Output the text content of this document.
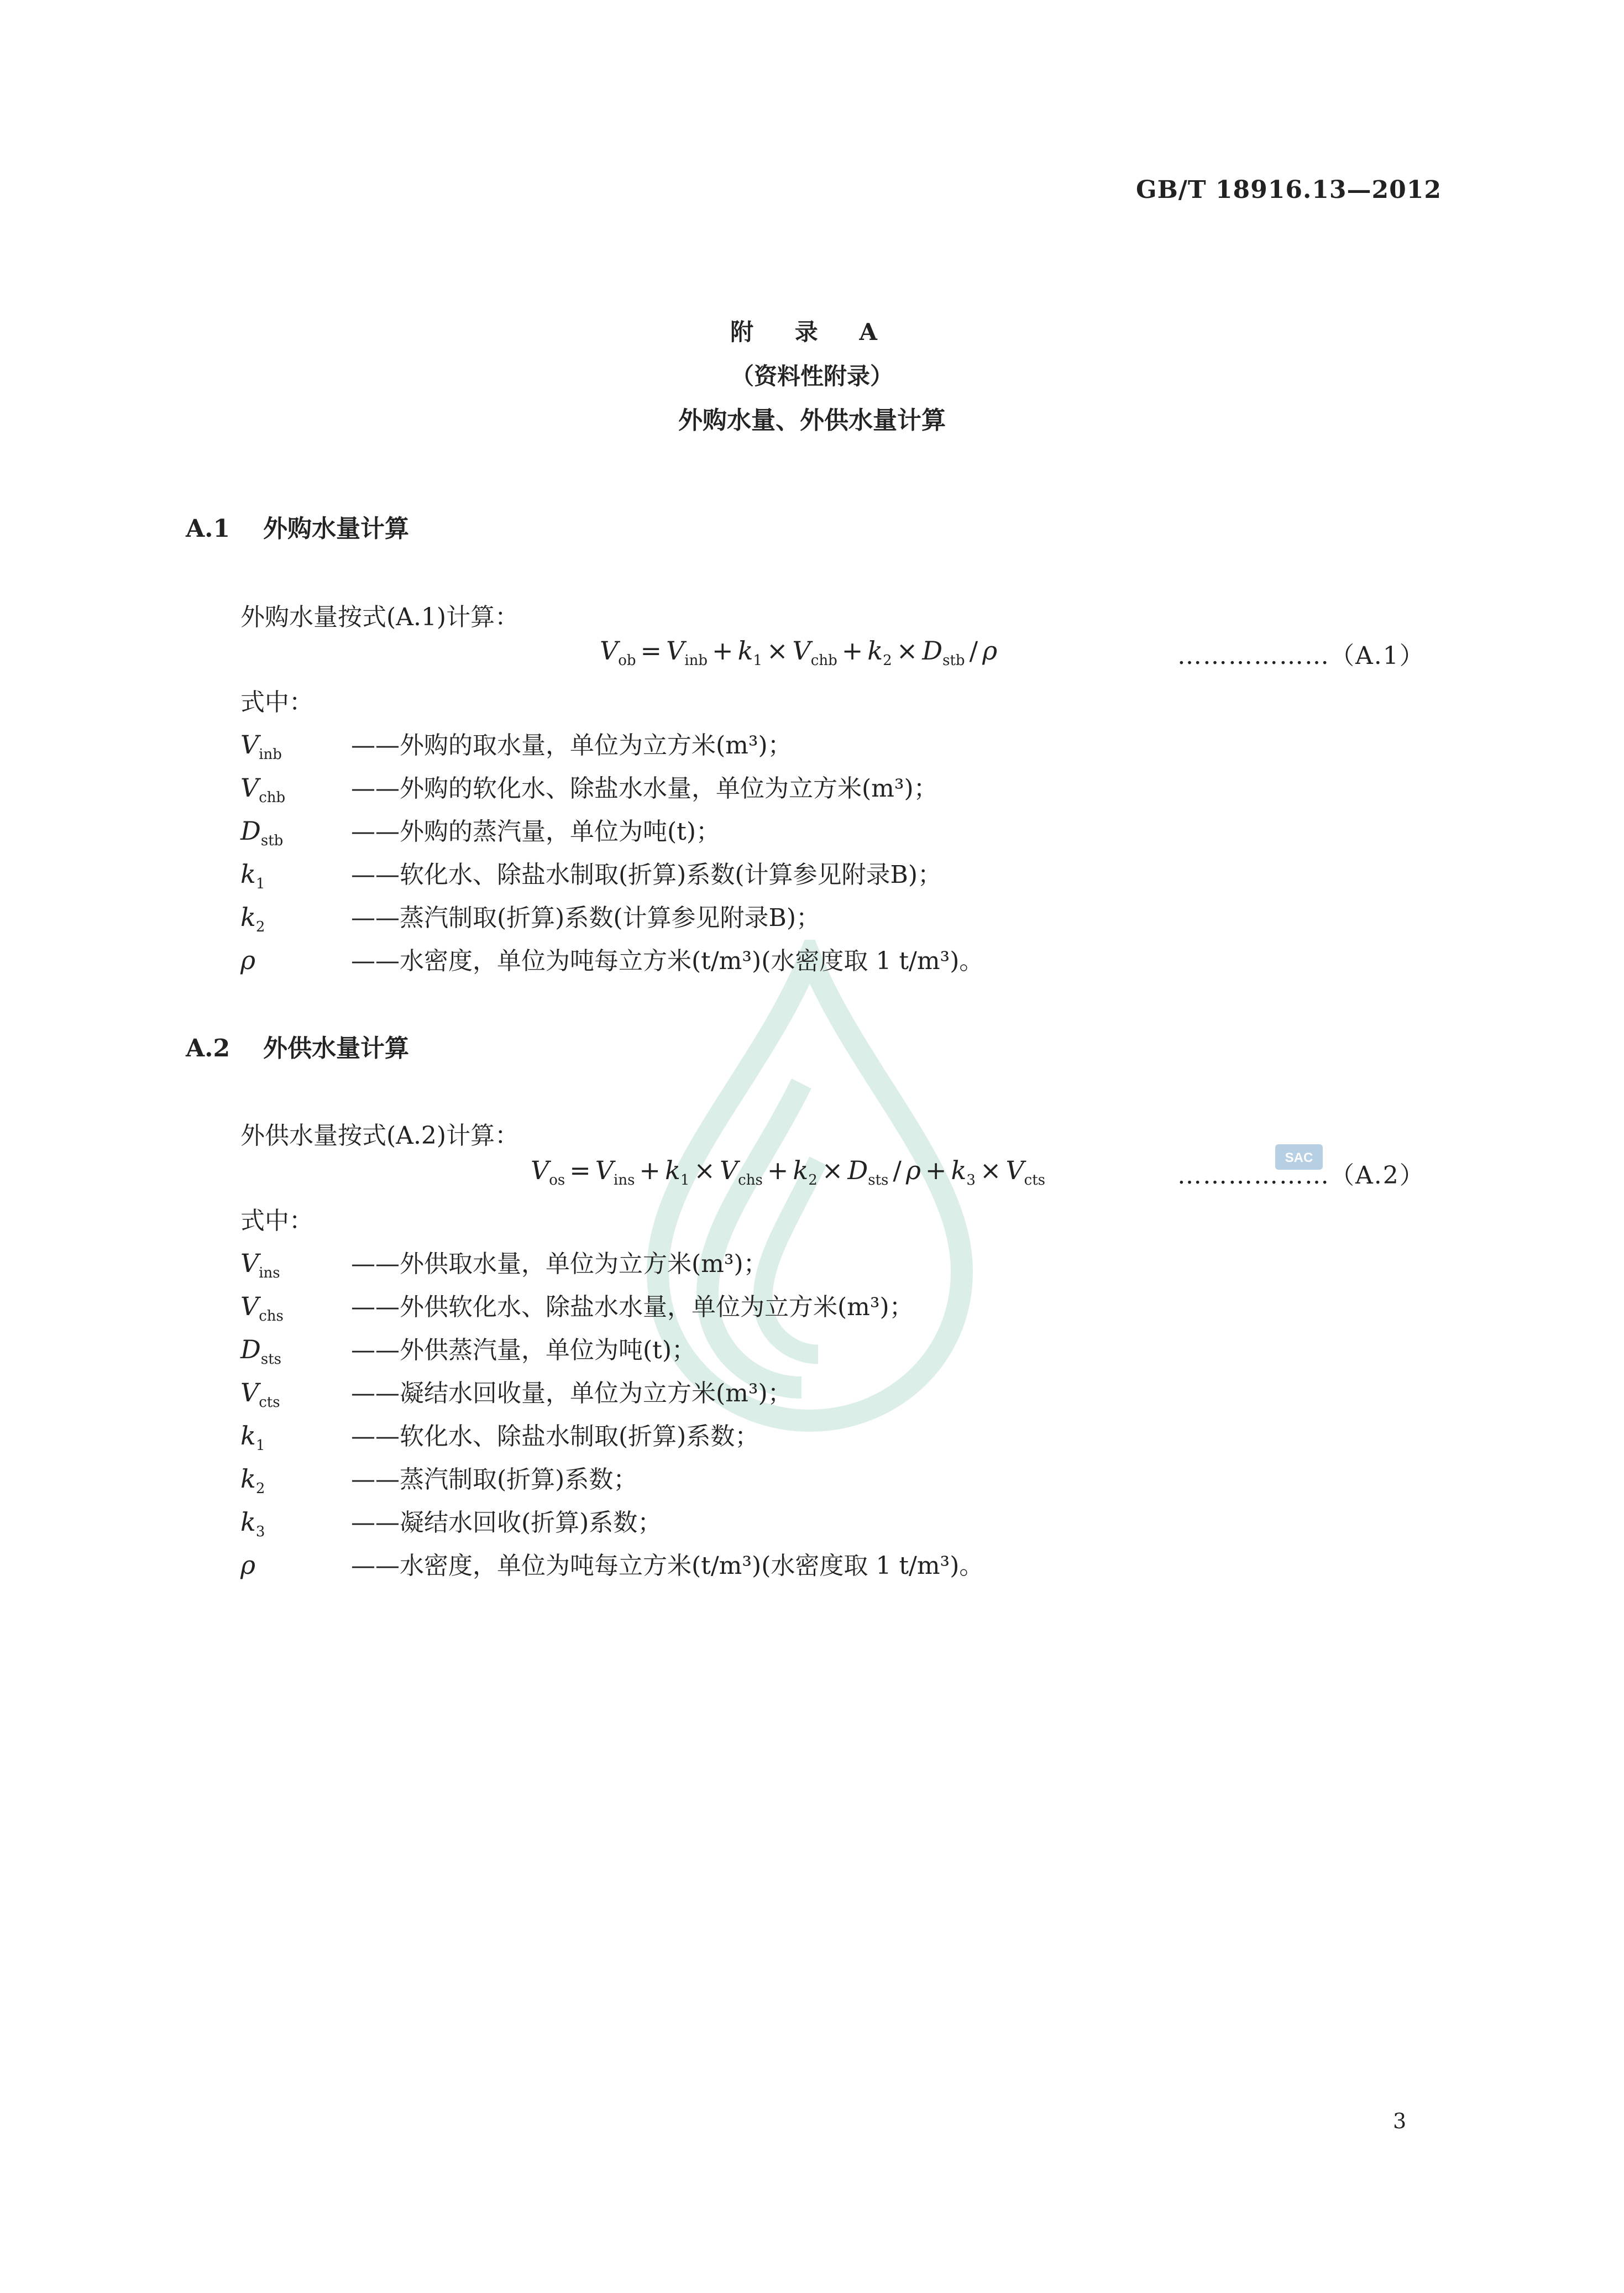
SAC
GB/T 18916.13—2012
附 录 A
（资料性附录）
外购水量、外供水量计算
A.1 外购水量计算
外购水量按式(A.1)计算：
$V_{ob} = V_{inb} + k_1 \times V_{chb} + k_2 \times D_{stb} / \rho$	………………（A.1）
式中：
$V_{inb}$	——外购的取水量，单位为立方米(m³)；
$V_{chb}$	——外购的软化水、除盐水水量，单位为立方米(m³)；
$D_{stb}$	——外购的蒸汽量，单位为吨(t)；
$k_1$	——软化水、除盐水制取(折算)系数(计算参见附录B)；
$k_2$	——蒸汽制取(折算)系数(计算参见附录B)；
ρ	——水密度，单位为吨每立方米(t/m³)(水密度取 1 t/m³)。
A.2 外供水量计算
外供水量按式(A.2)计算：
$V_{os} = V_{ins} + k_1 \times V_{chs} + k_2 \times D_{sts} / \rho + k_3 \times V_{cts}$	………………（A.2）
式中：
$V_{ins}$	——外供取水量，单位为立方米(m³)；
$V_{chs}$	——外供软化水、除盐水水量，单位为立方米(m³)；
$D_{sts}$	——外供蒸汽量，单位为吨(t)；
$V_{cts}$	——凝结水回收量，单位为立方米(m³)；
$k_1$	——软化水、除盐水制取(折算)系数；
$k_2$	——蒸汽制取(折算)系数；
$k_3$	——凝结水回收(折算)系数；
ρ	——水密度，单位为吨每立方米(t/m³)(水密度取 1 t/m³)。
3
